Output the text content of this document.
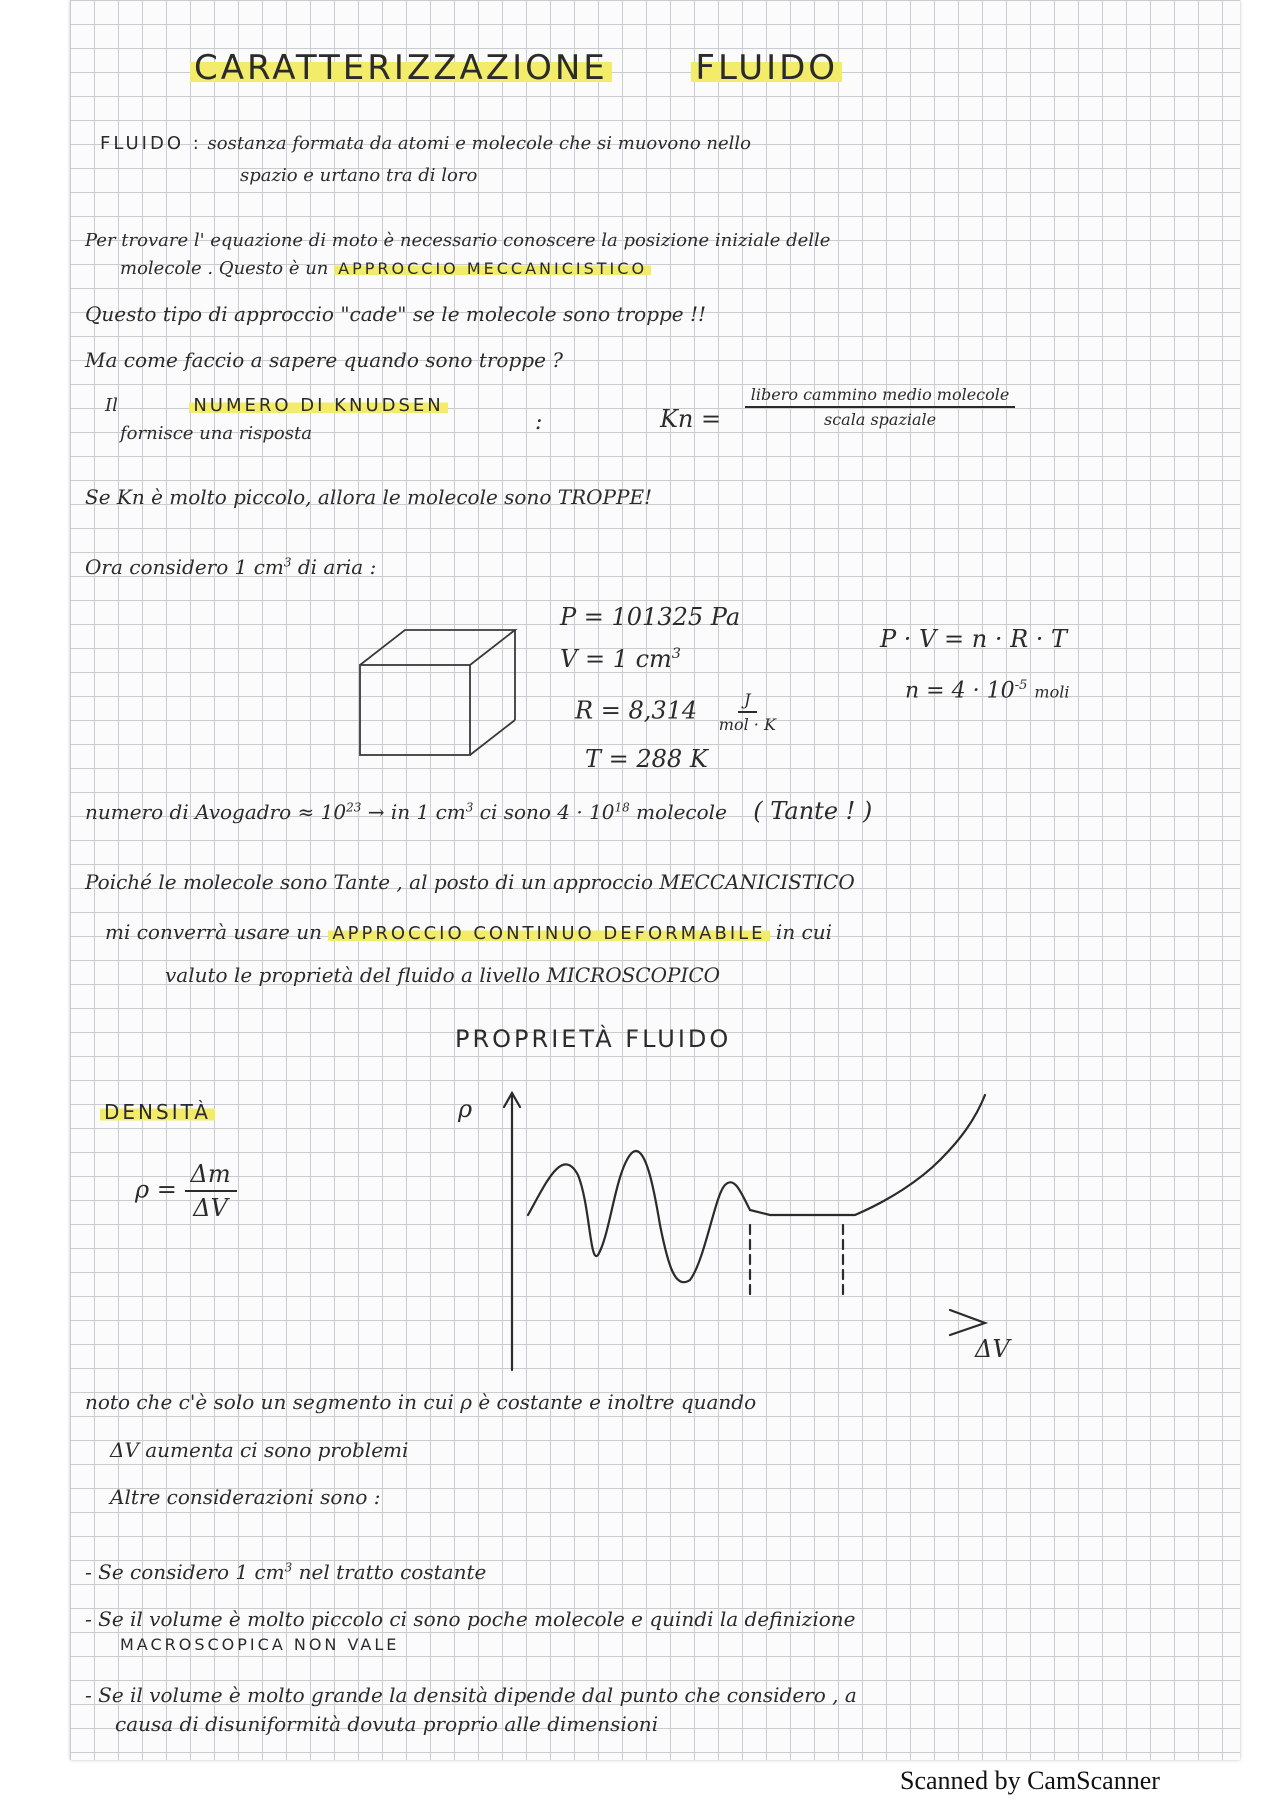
CARATTERIZZAZIONE	FLUIDO
FLUIDO : sostanza formata da atomi e molecole che si muovono nello
spazio e urtano tra di loro
Per trovare l' equazione di moto è necessario conoscere la posizione iniziale delle
molecole . Questo è un APPROCCIO MECCANICISTICO
Questo tipo di approccio "cade" se le molecole sono troppe !!
Ma come faccio a sapere quando sono troppe ?
Il	NUMERO DI KNUDSEN
fornisce una risposta	:	$Kn = \frac{\text{libero cammino medio molecole}}{\text{scala spaziale}}$
Se Kn è molto piccolo, allora le molecole sono TROPPE!
Ora considero 1 $cm^3$ di aria :
P = 101325 Pa
V = 1 $cm^3$
$R = 8,314 \frac{J}{\text{mol · K}}$
T = 288 K
P · V = n · R · T
$n = 4 \cdot 10^{-5}$ moli
numero di Avogadro ≈ $10^{23}$ → in 1 $cm^3$ ci sono $4 \cdot 10^{18}$ molecole ( Tante ! )
Poiché le molecole sono Tante , al posto di un approccio MECCANICISTICO
mi converrà usare un APPROCCIO CONTINUO DEFORMABILE in cui
valuto le proprietà del fluido a livello MICROSCOPICO
PROPRIETÀ FLUIDO
DENSITÀ
$\rho = \frac{\Delta m}{\Delta V}$
ρ
ΔV
noto che c'è solo un segmento in cui ρ è costante e inoltre quando
ΔV aumenta ci sono problemi
Altre considerazioni sono :
- Se considero 1 $cm^3$ nel tratto costante
- Se il volume è molto piccolo ci sono poche molecole e quindi la definizione
MACROSCOPICA NON VALE
- Se il volume è molto grande la densità dipende dal punto che considero , a
causa di disuniformità dovuta proprio alle dimensioni
Scanned by CamScanner
